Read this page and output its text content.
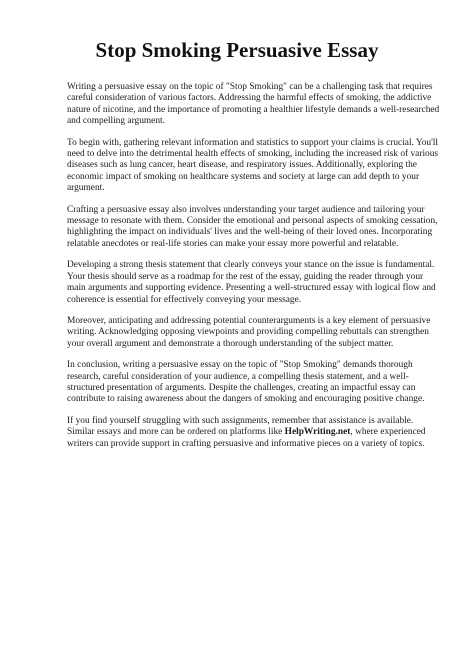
Stop Smoking Persuasive Essay

Writing a persuasive essay on the topic of "Stop Smoking" can be a challenging task that requires careful consideration of various factors. Addressing the harmful effects of smoking, the addictive nature of nicotine, and the importance of promoting a healthier lifestyle demands a well-researched and compelling argument.

To begin with, gathering relevant information and statistics to support your claims is crucial. You'll need to delve into the detrimental health effects of smoking, including the increased risk of various diseases such as lung cancer, heart disease, and respiratory issues. Additionally, exploring the economic impact of smoking on healthcare systems and society at large can add depth to your argument.

Crafting a persuasive essay also involves understanding your target audience and tailoring your message to resonate with them. Consider the emotional and personal aspects of smoking cessation, highlighting the impact on individuals' lives and the well-being of their loved ones. Incorporating relatable anecdotes or real-life stories can make your essay more powerful and relatable.

Developing a strong thesis statement that clearly conveys your stance on the issue is fundamental. Your thesis should serve as a roadmap for the rest of the essay, guiding the reader through your main arguments and supporting evidence. Presenting a well-structured essay with logical flow and coherence is essential for effectively conveying your message.

Moreover, anticipating and addressing potential counterarguments is a key element of persuasive writing. Acknowledging opposing viewpoints and providing compelling rebuttals can strengthen your overall argument and demonstrate a thorough understanding of the subject matter.

In conclusion, writing a persuasive essay on the topic of "Stop Smoking" demands thorough research, careful consideration of your audience, a compelling thesis statement, and a well-structured presentation of arguments. Despite the challenges, creating an impactful essay can contribute to raising awareness about the dangers of smoking and encouraging positive change.

If you find yourself struggling with such assignments, remember that assistance is available. Similar essays and more can be ordered on platforms like HelpWriting.net, where experienced writers can provide support in crafting persuasive and informative pieces on a variety of topics.
